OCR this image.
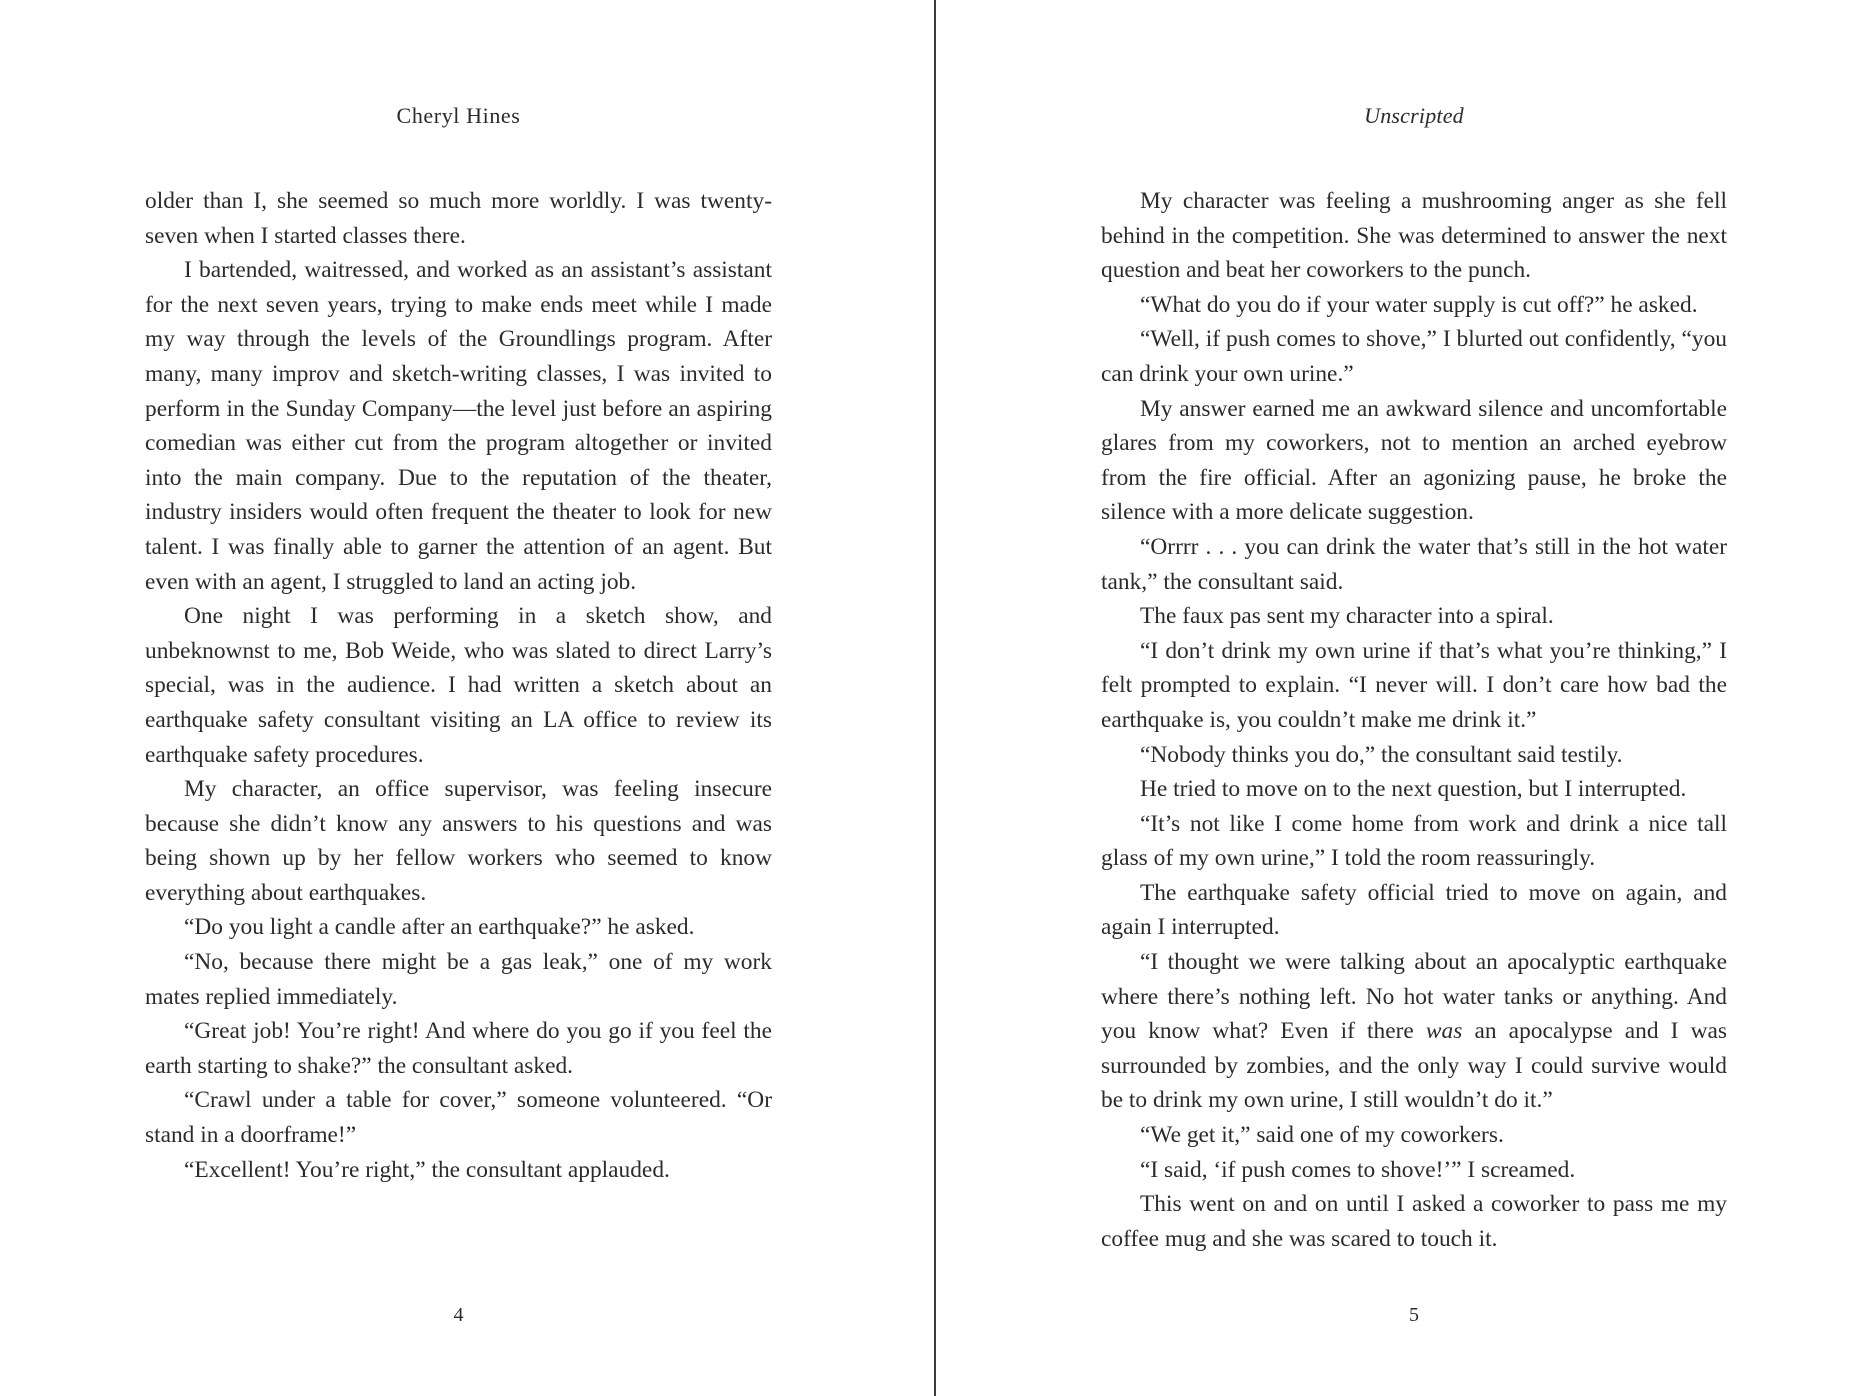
Cheryl Hines

older than I, she seemed so much more worldly. I was twenty-seven when I started classes there.

I bartended, waitressed, and worked as an assistant’s assistant for the next seven years, trying to make ends meet while I made my way through the levels of the Groundlings program. After many, many improv and sketch-writing classes, I was invited to perform in the Sunday Company—the level just before an aspiring comedian was either cut from the program altogether or invited into the main company. Due to the reputation of the theater, industry insiders would often frequent the theater to look for new talent. I was finally able to garner the attention of an agent. But even with an agent, I struggled to land an acting job.

One night I was performing in a sketch show, and unbeknownst to me, Bob Weide, who was slated to direct Larry’s special, was in the audience. I had written a sketch about an earthquake safety consultant visiting an LA office to review its earthquake safety procedures.

My character, an office supervisor, was feeling insecure because she didn’t know any answers to his questions and was being shown up by her fellow workers who seemed to know everything about earthquakes.

“Do you light a candle after an earthquake?” he asked.

“No, because there might be a gas leak,” one of my work mates replied immediately.

“Great job! You’re right! And where do you go if you feel the earth starting to shake?” the consultant asked.

“Crawl under a table for cover,” someone volunteered. “Or stand in a doorframe!”

“Excellent! You’re right,” the consultant applauded.

4
Unscripted

My character was feeling a mushrooming anger as she fell behind in the competition. She was determined to answer the next question and beat her coworkers to the punch.

“What do you do if your water supply is cut off?” he asked.

“Well, if push comes to shove,” I blurted out confidently, “you can drink your own urine.”

My answer earned me an awkward silence and uncomfortable glares from my coworkers, not to mention an arched eyebrow from the fire official. After an agonizing pause, he broke the silence with a more delicate suggestion.

“Orrrr . . . you can drink the water that’s still in the hot water tank,” the consultant said.

The faux pas sent my character into a spiral.

“I don’t drink my own urine if that’s what you’re thinking,” I felt prompted to explain. “I never will. I don’t care how bad the earthquake is, you couldn’t make me drink it.”

“Nobody thinks you do,” the consultant said testily.

He tried to move on to the next question, but I interrupted.

“It’s not like I come home from work and drink a nice tall glass of my own urine,” I told the room reassuringly.

The earthquake safety official tried to move on again, and again I interrupted.

“I thought we were talking about an apocalyptic earthquake where there’s nothing left. No hot water tanks or anything. And you know what? Even if there was an apocalypse and I was surrounded by zombies, and the only way I could survive would be to drink my own urine, I still wouldn’t do it.”

“We get it,” said one of my coworkers.

“I said, ‘if push comes to shove!’” I screamed.

This went on and on until I asked a coworker to pass me my coffee mug and she was scared to touch it.

5
